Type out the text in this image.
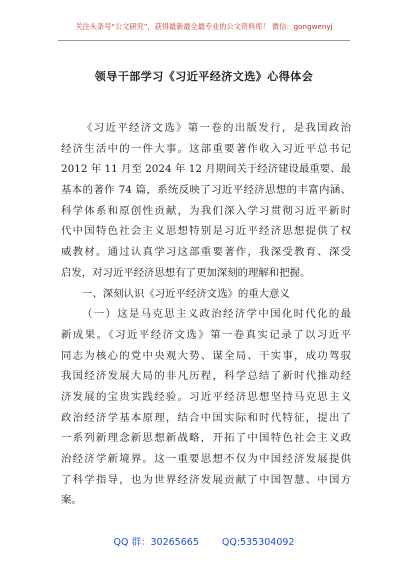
关注头条号“公文研究”，获得最新最全最专业的公文资料库！ 微信：gongwenyj
领导干部学习《习近平经济文选》心得体会
《习近平经济文选》第一卷的出版发行，是我国政治
经济生活中的一件大事。这部重要著作收入习近平总书记
2012 年 11 月至 2024 年 12 月期间关于经济建设最重要、最
基本的著作 74 篇，系统反映了习近平经济思想的丰富内涵、
科学体系和原创性贡献，为我们深入学习贯彻习近平新时
代中国特色社会主义思想特别是习近平经济思想提供了权
威教材。通过认真学习这部重要著作，我深受教育、深受
启发，对习近平经济思想有了更加深刻的理解和把握。
一、深刻认识《习近平经济文选》的重大意义
（一）这是马克思主义政治经济学中国化时代化的最
新成果。《习近平经济文选》第一卷真实记录了以习近平
同志为核心的党中央观大势、谋全局、干实事，成功驾驭
我国经济发展大局的非凡历程，科学总结了新时代推动经
济发展的宝贵实践经验。习近平经济思想坚持马克思主义
政治经济学基本原理，结合中国实际和时代特征，提出了
一系列新理念新思想新战略，开拓了中国特色社会主义政
治经济学新境界。这一重要思想不仅为中国经济发展提供
了科学指导，也为世界经济发展贡献了中国智慧、中国方
案。
QQ 群：30265665 QQ:535304092
